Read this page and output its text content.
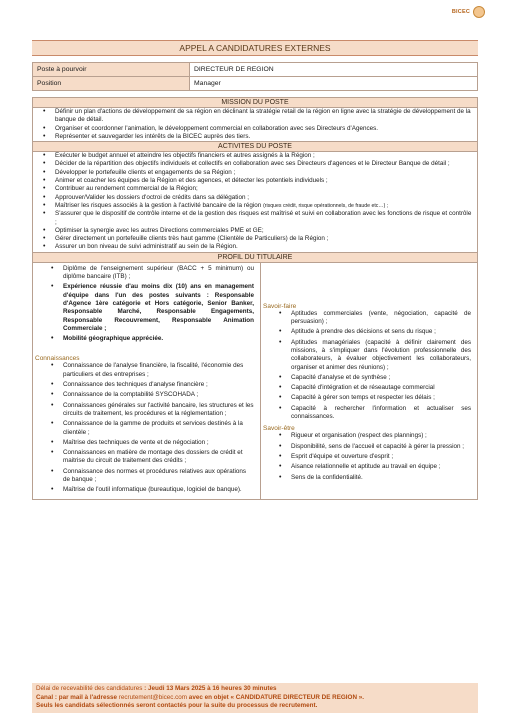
BICEC
APPEL A CANDIDATURES EXTERNES
Poste à pourvoir	DIRECTEUR DE REGION
Position	Manager
MISSION DU POSTE
• Définir un plan d'actions de développement de sa région en déclinant la stratégie retail de la région en ligne avec la stratégie de développement de la banque de détail.
• Organiser et coordonner l'animation, le développement commercial en collaboration avec ses Directeurs d'Agences.
• Représenter et sauvegarder les intérêts de la BICEC auprès des tiers.
ACTIVITES DU POSTE
• Exécuter le budget annuel et atteindre les objectifs financiers et autres assignés à la Région ;
• Décider de la répartition des objectifs individuels et collectifs en collaboration avec ses Directeurs d'agences et le Directeur Banque de détail ;
• Développer le portefeuille clients et engagements de sa Région ;
• Animer et coacher les équipes de la Région et des agences, et détecter les potentiels individuels ;
• Contribuer au rendement commercial de la Région;
• Approuver/Valider les dossiers d'octroi de crédits dans sa délégation ;
• Maîtriser les risques associés à la gestion à l'activité bancaire de la région (risques crédit, risque opérationnels, de fraude etc…) ;
• S'assurer que le dispositif de contrôle interne et de la gestion des risques est maîtrisé et suivi en collaboration avec les fonctions de risque et contrôle ;
• Optimiser la synergie avec les autres Directions commerciales PME et GE;
• Gérer directement un portefeuille clients très haut gamme (Clientèle de Particuliers) de la Région ;
• Assurer un bon niveau de suivi administratif au sein de la Région.
PROFIL DU TITULAIRE
• Diplôme de l'enseignement supérieur (BACC + 5 minimum) ou diplôme bancaire (ITB) ;
• Expérience réussie d'au moins dix (10) ans en management d'équipe dans l'un des postes suivants : Responsable d'Agence 1ère catégorie et Hors catégorie, Senior Banker, Responsable Marché, Responsable Engagements, Responsable Recouvrement, Responsable Animation Commerciale ;
• Mobilité géographique appréciée.
Connaissances
• Connaissance de l'analyse financière, la fiscalité, l'économie des particuliers et des entreprises ;
• Connaissance des techniques d'analyse financière ;
• Connaissance de la comptabilité SYSCOHADA ;
• Connaissances générales sur l'activité bancaire, les structures et les circuits de traitement, les procédures et la réglementation ;
• Connaissance de la gamme de produits et services destinés à la clientèle ;
• Maîtrise des techniques de vente et de négociation ;
• Connaissances en matière de montage des dossiers de crédit et maitrise du circuit de traitement des crédits ;
• Connaissance des normes et procédures relatives aux opérations de banque ;
• Maîtrise de l'outil informatique (bureautique, logiciel de banque).
Savoir-faire
• Aptitudes commerciales (vente, négociation, capacité de persuasion) ;
• Aptitude à prendre des décisions et sens du risque ;
• Aptitudes managériales (capacité à définir clairement des missions, à s'impliquer dans l'évolution professionnelle des collaborateurs, à évaluer objectivement les collaborateurs, organiser et animer des réunions) ;
• Capacité d'analyse et de synthèse ;
• Capacité d'intégration et de réseautage commercial
• Capacité à gérer son temps et respecter les délais ;
• Capacité à rechercher l'information et actualiser ses connaissances.
Savoir-être
• Rigueur et organisation (respect des plannings) ;
• Disponibilité, sens de l'accueil et capacité à gérer la pression ;
• Esprit d'équipe et ouverture d'esprit ;
• Aisance relationnelle et aptitude au travail en équipe ;
• Sens de la confidentialité.
Délai de recevabilité des candidatures : Jeudi 13 Mars 2025 à 16 heures 30 minutes
Canal : par mail à l'adresse recrutement@bicec.com avec en objet « CANDIDATURE DIRECTEUR DE REGION ».
Seuls les candidats sélectionnés seront contactés pour la suite du processus de recrutement.
